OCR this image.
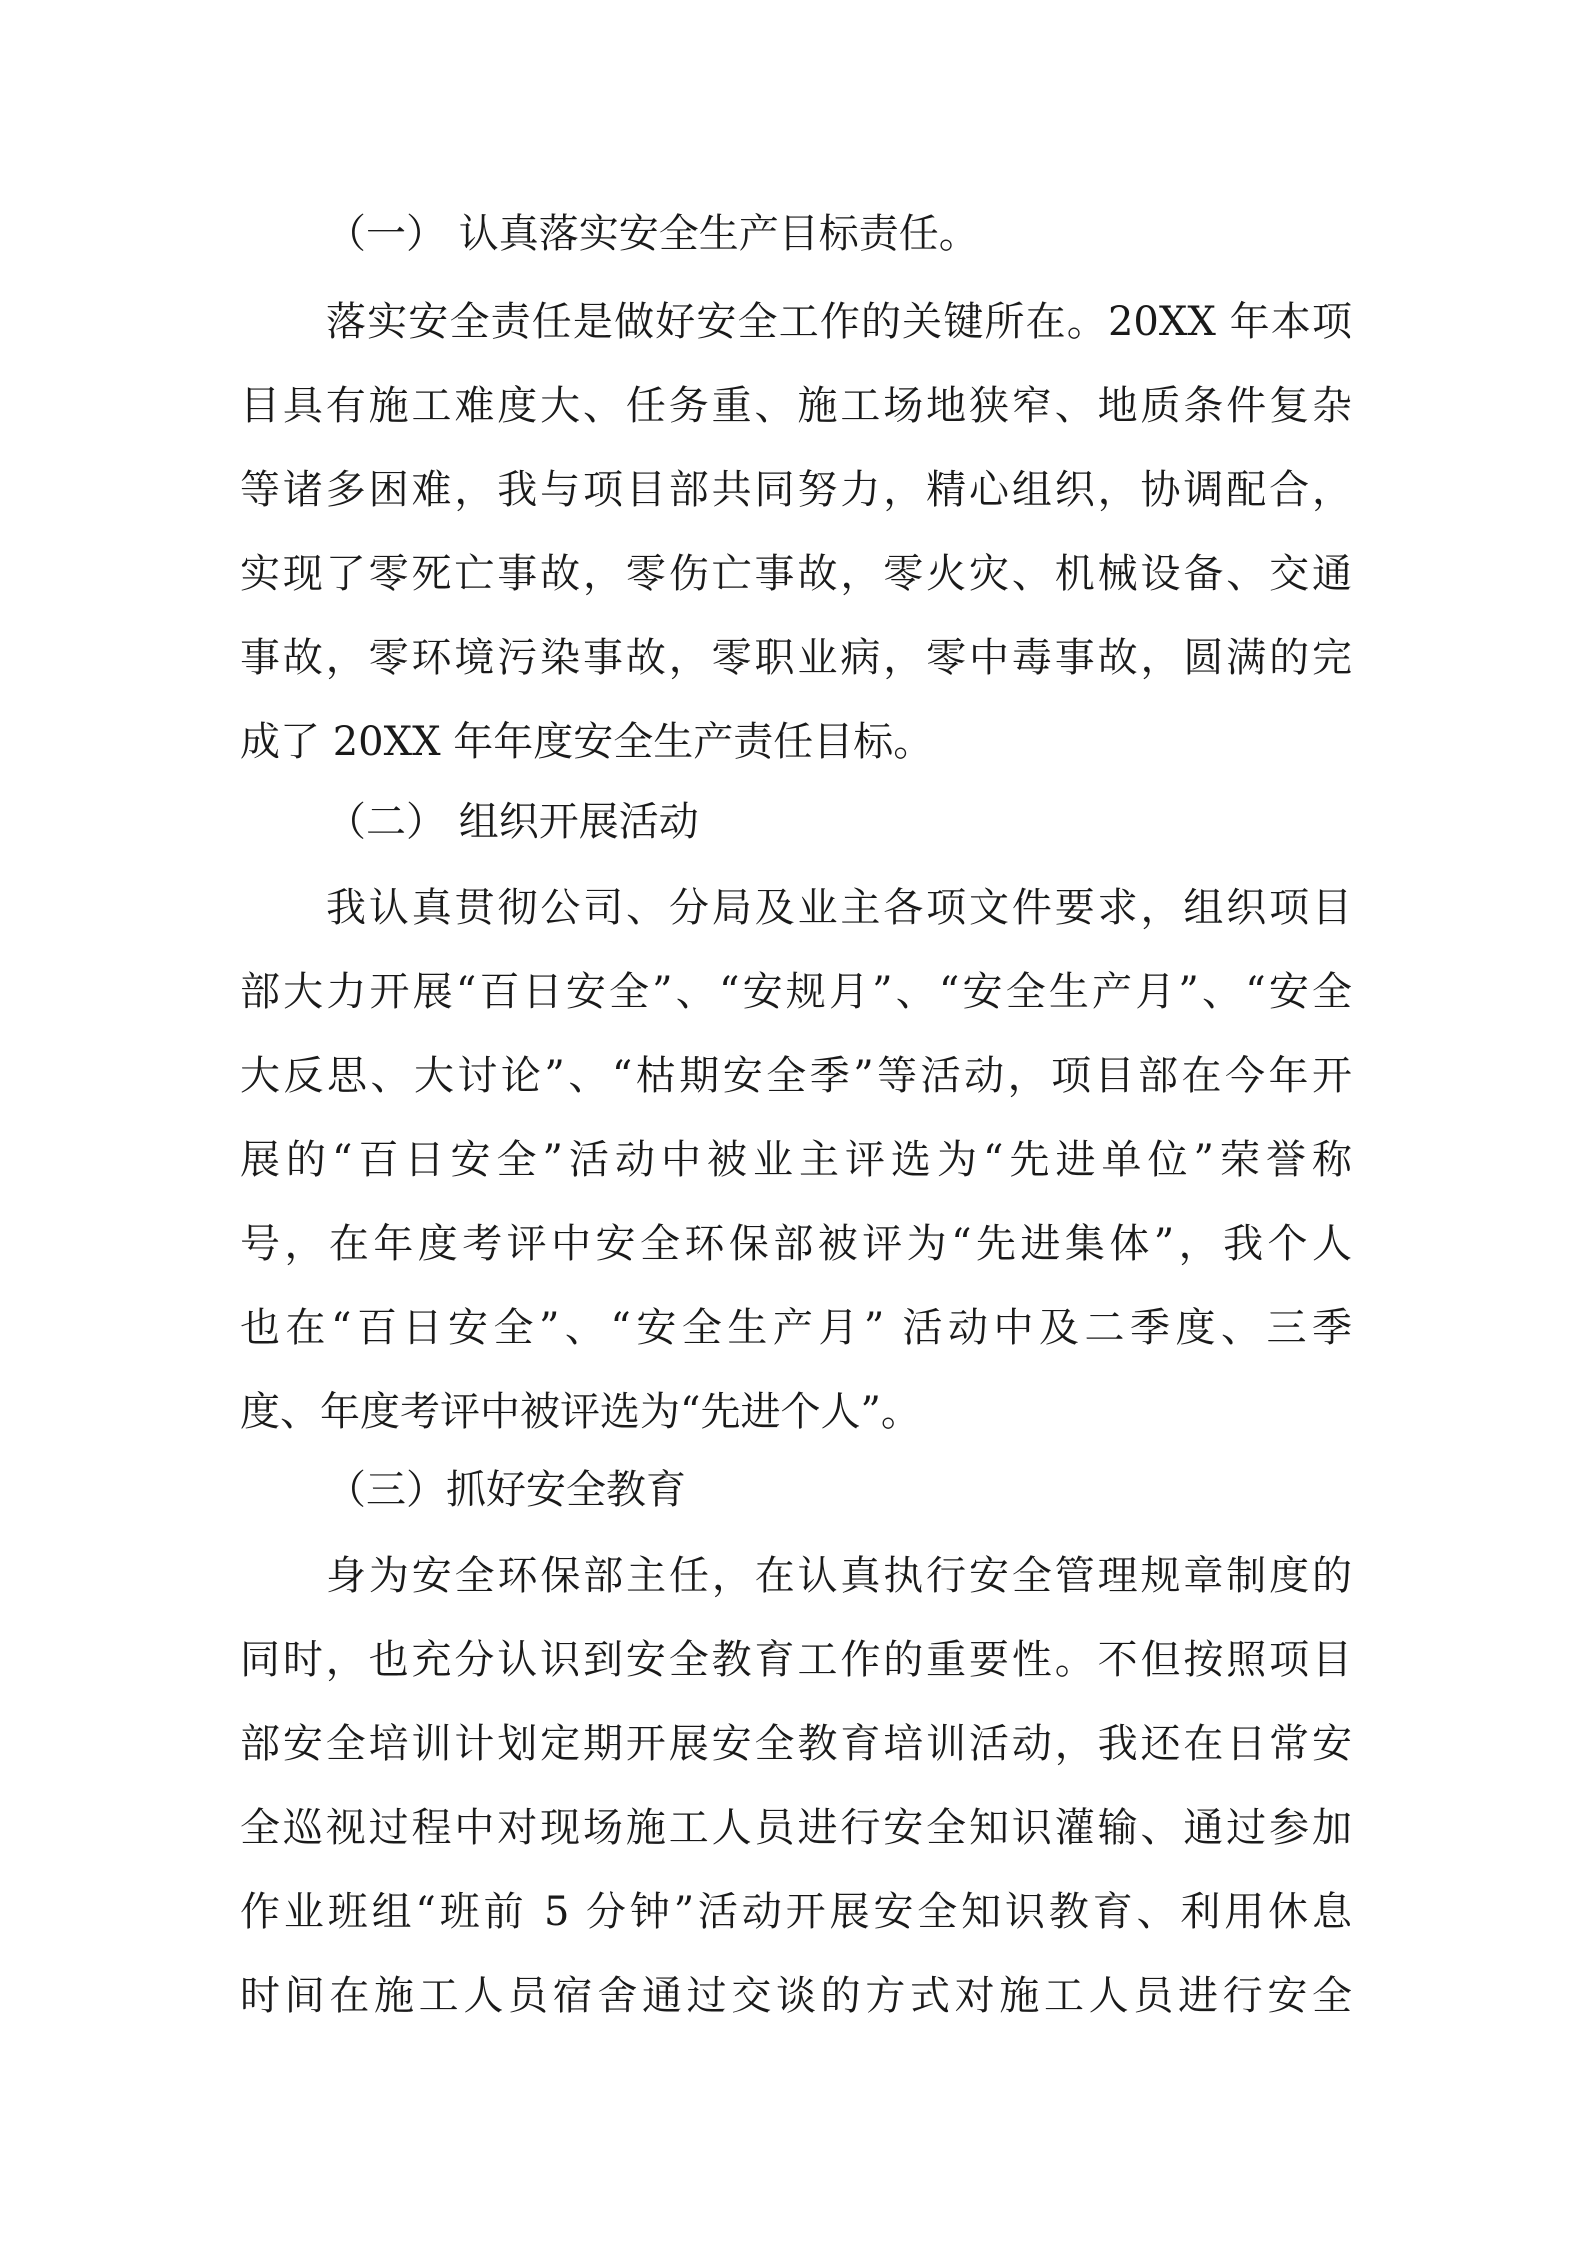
（一） 认真落实安全生产目标责任。
落实安全责任是做好安全工作的关键所在。20XX 年本项
目具有施工难度大、任务重、施工场地狭窄、地质条件复杂
等诸多困难，我与项目部共同努力，精心组织，协调配合，
实现了零死亡事故，零伤亡事故，零火灾、机械设备、交通
事故，零环境污染事故，零职业病，零中毒事故，圆满的完
成了 20XX 年年度安全生产责任目标。
（二） 组织开展活动
我认真贯彻公司、分局及业主各项文件要求，组织项目
部大力开展“百日安全”、“安规月”、“安全生产月”、“安全
大反思、大讨论”、“枯期安全季”等活动，项目部在今年开
展的“百日安全”活动中被业主评选为“先进单位”荣誉称
号，在年度考评中安全环保部被评为“先进集体”，我个人
也在“百日安全”、“安全生产月” 活动中及二季度、三季
度、年度考评中被评选为“先进个人”。
（三）抓好安全教育
身为安全环保部主任，在认真执行安全管理规章制度的
同时，也充分认识到安全教育工作的重要性。不但按照项目
部安全培训计划定期开展安全教育培训活动，我还在日常安
全巡视过程中对现场施工人员进行安全知识灌输、通过参加
作业班组“班前 5 分钟”活动开展安全知识教育、利用休息
时间在施工人员宿舍通过交谈的方式对施工人员进行安全
